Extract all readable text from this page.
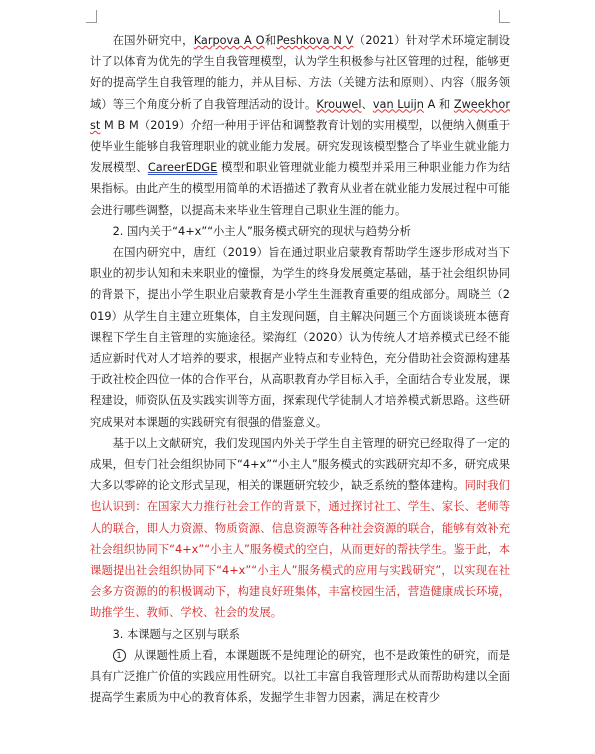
在国外研究中，Karpova A O和Peshkova N V（2021）针对学术环境定制设计了以体育为优先的学生自我管理模型，认为学生积极参与社区管理的过程，能够更好的提高学生自我管理的能力，并从目标、方法（关键方法和原则）、内容（服务领域）等三个角度分析了自我管理活动的设计。Krouwel、van Luijn A 和 Zweekhorst M B M（2019）介绍一种用于评估和调整教育计划的实用模型，以便纳入侧重于使毕业生能够自我管理职业的就业能力发展。研究发现该模型整合了毕业生就业能力发展模型、CareerEDGE 模型和职业管理就业能力模型并采用三种职业能力作为结果指标。由此产生的模型用简单的术语描述了教育从业者在就业能力发展过程中可能会进行哪些调整，以提高未来毕业生管理自己职业生涯的能力。

2. 国内关于“4+x”“小主人”服务模式研究的现状与趋势分析

在国内研究中，唐红（2019）旨在通过职业启蒙教育帮助学生逐步形成对当下职业的初步认知和未来职业的憧憬，为学生的终身发展奠定基础，基于社会组织协同的背景下，提出小学生职业启蒙教育是小学生生涯教育重要的组成部分。周晓兰（2019）从学生自主建立班集体，自主发现问题，自主解决问题三个方面谈谈班本德育课程下学生自主管理的实施途径。梁海红（2020）认为传统人才培养模式已经不能适应新时代对人才培养的要求，根据产业特点和专业特色，充分借助社会资源构建基于政社校企四位一体的合作平台，从高职教育办学目标入手，全面结合专业发展，课程建设，师资队伍及实践实训等方面，探索现代学徒制人才培养模式新思路。这些研究成果对本课题的实践研究有很强的借鉴意义。

基于以上文献研究，我们发现国内外关于学生自主管理的研究已经取得了一定的成果，但专门社会组织协同下“4+x”“小主人”服务模式的实践研究却不多，研究成果大多以零碎的论文形式呈现，相关的课题研究较少，缺乏系统的整体建构。同时我们也认识到：在国家大力推行社会工作的背景下，通过探讨社工、学生、家长、老师等人的联合，即人力资源、物质资源、信息资源等各种社会资源的联合，能够有效补充社会组织协同下“4+x”“小主人”服务模式的空白，从而更好的帮扶学生。鉴于此，本课题提出社会组织协同下“4+x”“小主人”服务模式的应用与实践研究”，以实现在社会多方资源的的积极调动下，构建良好班集体，丰富校园生活，营造健康成长环境，助推学生、教师、学校、社会的发展。

3. 本课题与之区别与联系

1 从课题性质上看，本课题既不是纯理论的研究，也不是政策性的研究，而是具有广泛推广价值的实践应用性研究。以社工丰富自我管理形式从而帮助构建以全面提高学生素质为中心的教育体系，发掘学生非智力因素，满足在校青少
